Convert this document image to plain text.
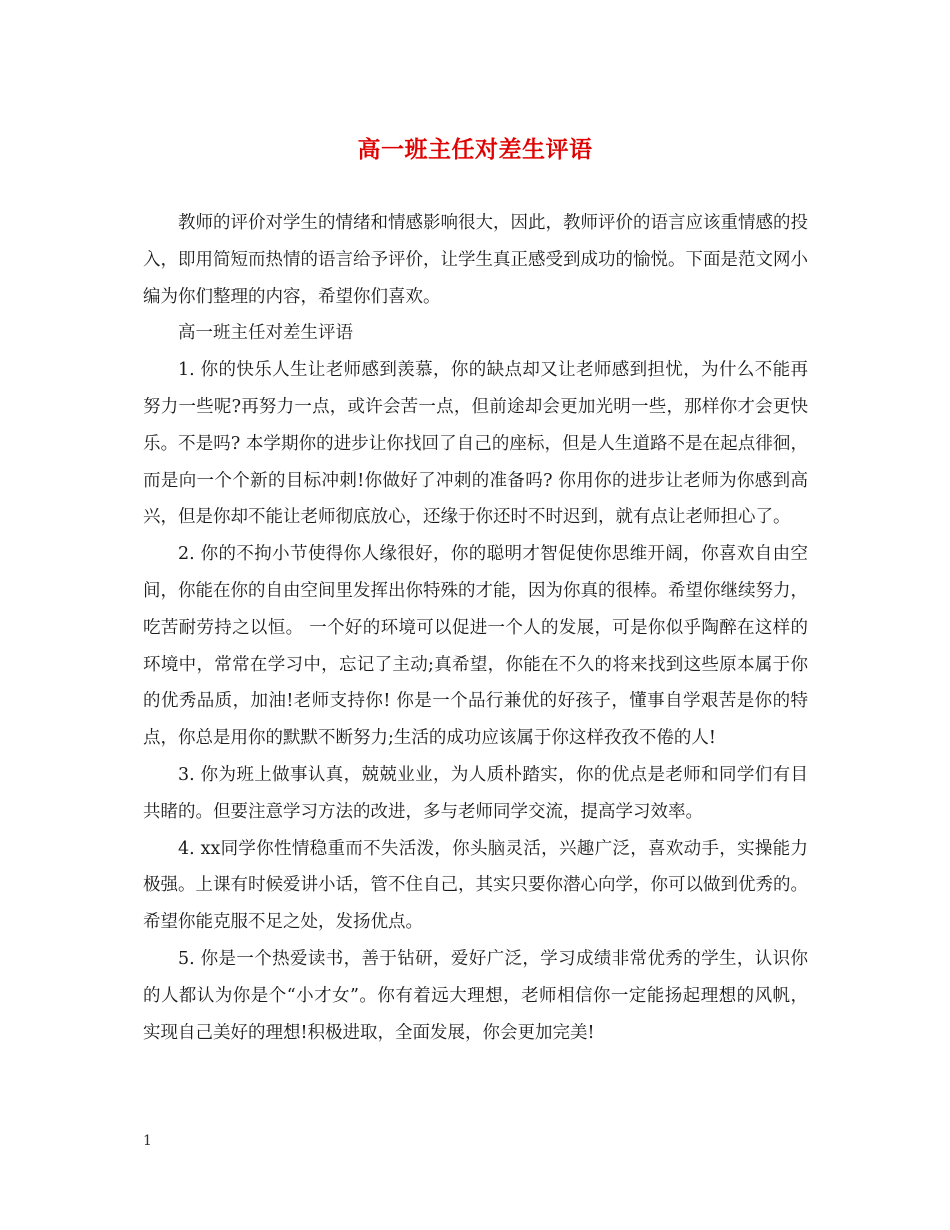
高一班主任对差生评语

教师的评价对学生的情绪和情感影响很大，因此，教师评价的语言应该重情感的投入，即用简短而热情的语言给予评价，让学生真正感受到成功的愉悦。下面是范文网小编为你们整理的内容，希望你们喜欢。

高一班主任对差生评语

1. 你的快乐人生让老师感到羡慕，你的缺点却又让老师感到担忧，为什么不能再努力一些呢?再努力一点，或许会苦一点，但前途却会更加光明一些，那样你才会更快乐。不是吗? 本学期你的进步让你找回了自己的座标，但是人生道路不是在起点徘徊，而是向一个个新的目标冲刺!你做好了冲刺的准备吗? 你用你的进步让老师为你感到高兴，但是你却不能让老师彻底放心，还缘于你还时不时迟到，就有点让老师担心了。

2. 你的不拘小节使得你人缘很好，你的聪明才智促使你思维开阔，你喜欢自由空间，你能在你的自由空间里发挥出你特殊的才能，因为你真的很棒。希望你继续努力，吃苦耐劳持之以恒。 一个好的环境可以促进一个人的发展，可是你似乎陶醉在这样的环境中，常常在学习中，忘记了主动;真希望，你能在不久的将来找到这些原本属于你的优秀品质，加油!老师支持你! 你是一个品行兼优的好孩子，懂事自学艰苦是你的特点，你总是用你的默默不断努力;生活的成功应该属于你这样孜孜不倦的人!

3. 你为班上做事认真，兢兢业业，为人质朴踏实，你的优点是老师和同学们有目共睹的。但要注意学习方法的改进，多与老师同学交流，提高学习效率。

4. xx同学你性情稳重而不失活泼，你头脑灵活，兴趣广泛，喜欢动手，实操能力极强。上课有时候爱讲小话，管不住自己，其实只要你潜心向学，你可以做到优秀的。希望你能克服不足之处，发扬优点。

5. 你是一个热爱读书，善于钻研，爱好广泛，学习成绩非常优秀的学生，认识你的人都认为你是个“小才女”。你有着远大理想，老师相信你一定能扬起理想的风帆，实现自己美好的理想!积极进取，全面发展，你会更加完美!

1
